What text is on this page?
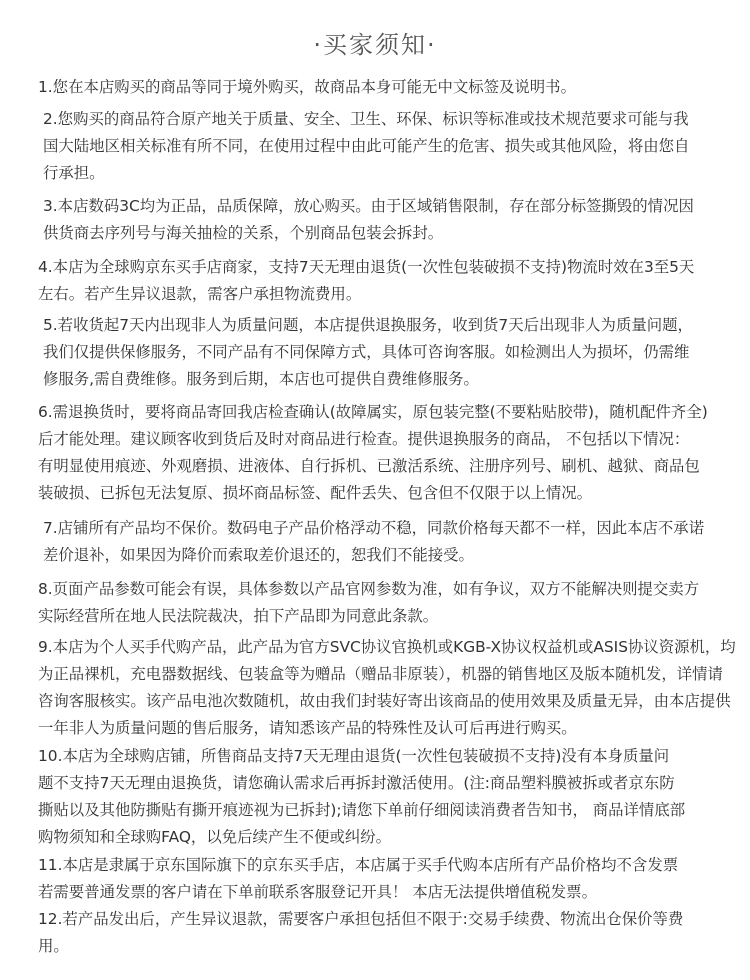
·买家须知·
1.您在本店购买的商品等同于境外购买，故商品本身可能无中文标签及说明书。
2.您购买的商品符合原产地关于质量、安全、卫生、环保、标识等标准或技术规范要求可能与我
国大陆地区相关标准有所不同，在使用过程中由此可能产生的危害、损失或其他风险，将由您自
行承担。
3.本店数码3C均为正品，品质保障，放心购买。由于区域销售限制，存在部分标签撕毁的情况因
供货商去序列号与海关抽检的关系，个别商品包装会拆封。
4.本店为全球购京东买手店商家，支持7天无理由退货(一次性包装破损不支持)物流时效在3至5天
左右。若产生异议退款，需客户承担物流费用。
5.若收货起7天内出现非人为质量问题，本店提供退换服务，收到货7天后出现非人为质量问题，
我们仅提供保修服务，不同产品有不同保障方式，具体可咨询客服。如检测出人为损坏，仍需维
修服务,需自费维修。服务到后期，本店也可提供自费维修服务。
6.需退换货时，要将商品寄回我店检查确认(故障属实，原包装完整(不要粘贴胶带)，随机配件齐全)
后才能处理。建议顾客收到货后及时对商品进行检查。提供退换服务的商品， 不包括以下情况：
有明显使用痕迹、外观磨损、进液体、自行拆机、已激活系统、注册序列号、刷机、越狱、商品包
装破损、已拆包无法复原、损坏商品标签、配件丢失、包含但不仅限于以上情况。
7.店铺所有产品均不保价。数码电子产品价格浮动不稳，同款价格每天都不一样，因此本店不承诺
差价退补，如果因为降价而索取差价退还的，恕我们不能接受。
8.页面产品参数可能会有误，具体参数以产品官网参数为准，如有争议，双方不能解决则提交卖方
实际经营所在地人民法院裁决，拍下产品即为同意此条款。
9.本店为个人买手代购产品，此产品为官方SVC协议官换机或KGB-X协议权益机或ASIS协议资源机，均
为正品裸机，充电器数据线、包装盒等为赠品（赠品非原装），机器的销售地区及版本随机发，详情请
咨询客服核实。该产品电池次数随机，故由我们封装好寄出该商品的使用效果及质量无异，由本店提供
一年非人为质量问题的售后服务，请知悉该产品的特殊性及认可后再进行购买。
10.本店为全球购店铺，所售商品支持7天无理由退货(一次性包装破损不支持)没有本身质量问
题不支持7天无理由退换货，请您确认需求后再拆封激活使用。(注:商品塑料膜被拆或者京东防
撕贴以及其他防撕贴有撕开痕迹视为已拆封);请您下单前仔细阅读消费者告知书， 商品详情底部
购物须知和全球购FAQ，以免后续产生不便或纠纷。
11.本店是隶属于京东国际旗下的京东买手店，本店属于买手代购本店所有产品价格均不含发票
若需要普通发票的客户请在下单前联系客服登记开具！ 本店无法提供增值税发票。
12.若产品发出后，产生异议退款，需要客户承担包括但不限于:交易手续费、物流出仓保价等费
用。
